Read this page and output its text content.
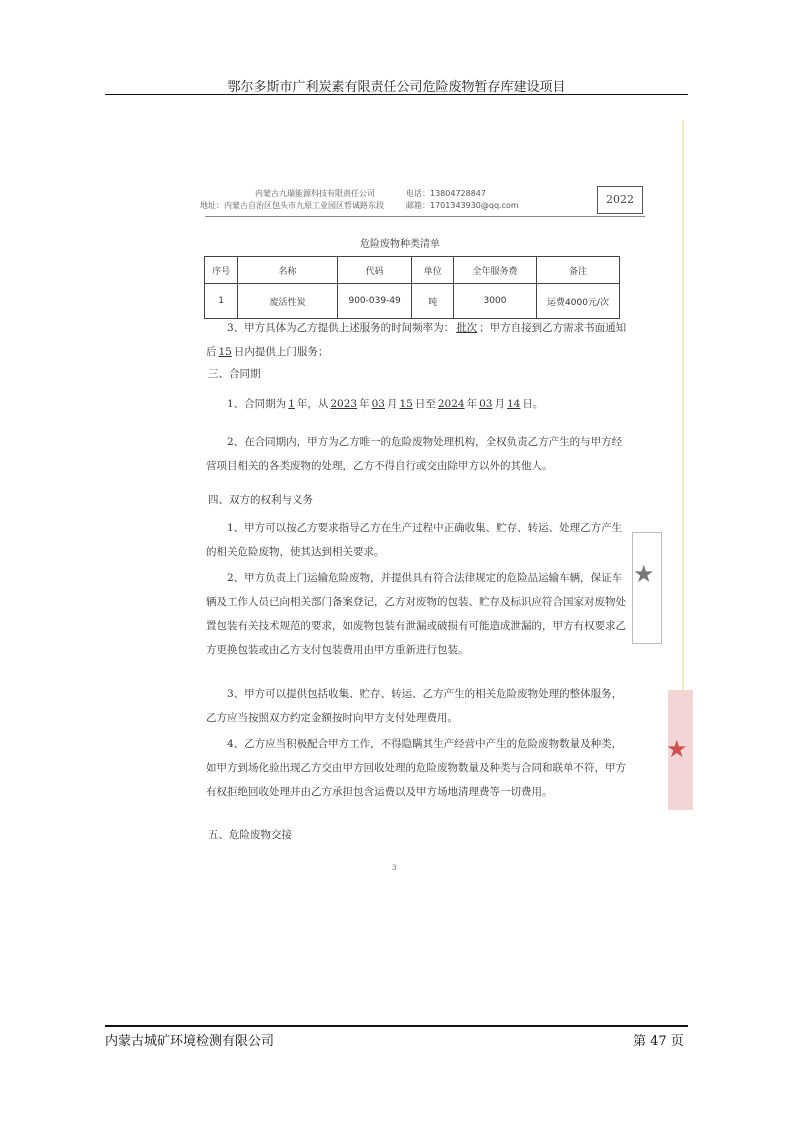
鄂尔多斯市广利炭素有限责任公司危险废物暂存库建设项目
内蒙古九瑞能源科技有限责任公司
地址：内蒙古自治区包头市九原工业园区哲诚路东段
电话：13804728847
邮箱：1701343930@qq.com	2022
危险废物种类清单
序号	名称	代码	单位	全年服务费	备注
1	废活性炭	900-039-49	吨	3000	运费4000元/次
3、甲方具体为乙方提供上述服务的时间频率为： 批次 ；甲方自接到乙方需求书面通知后 15 日内提供上门服务；
三、合同期
1、合同期为 1 年，从 2023 年 03 月 15 日至 2024 年 03 月 14 日。
2、在合同期内，甲方为乙方唯一的危险废物处理机构，全权负责乙方产生的与甲方经营项目相关的各类废物的处理，乙方不得自行或交由除甲方以外的其他人。
四、双方的权利与义务
1、甲方可以按乙方要求指导乙方在生产过程中正确收集、贮存、转运、处理乙方产生的相关危险废物，使其达到相关要求。
2、甲方负责上门运输危险废物，并提供具有符合法律规定的危险品运输车辆，保证车辆及工作人员已向相关部门备案登记，乙方对废物的包装、贮存及标识应符合国家对废物处置包装有关技术规范的要求，如废物包装有泄漏或破损有可能造成泄漏的，甲方有权要求乙方更换包装或由乙方支付包装费用由甲方重新进行包装。
3、甲方可以提供包括收集、贮存、转运、乙方产生的相关危险废物处理的整体服务，乙方应当按照双方约定金额按时向甲方支付处理费用。
4、乙方应当积极配合甲方工作，不得隐瞒其生产经营中产生的危险废物数量及种类，如甲方到场化验出现乙方交由甲方回收处理的危险废物数量及种类与合同和联单不符，甲方有权拒绝回收处理并由乙方承担包含运费以及甲方场地清理费等一切费用。
五、危险废物交接
3
★
★
内蒙古城矿环境检测有限公司	第 47 页
